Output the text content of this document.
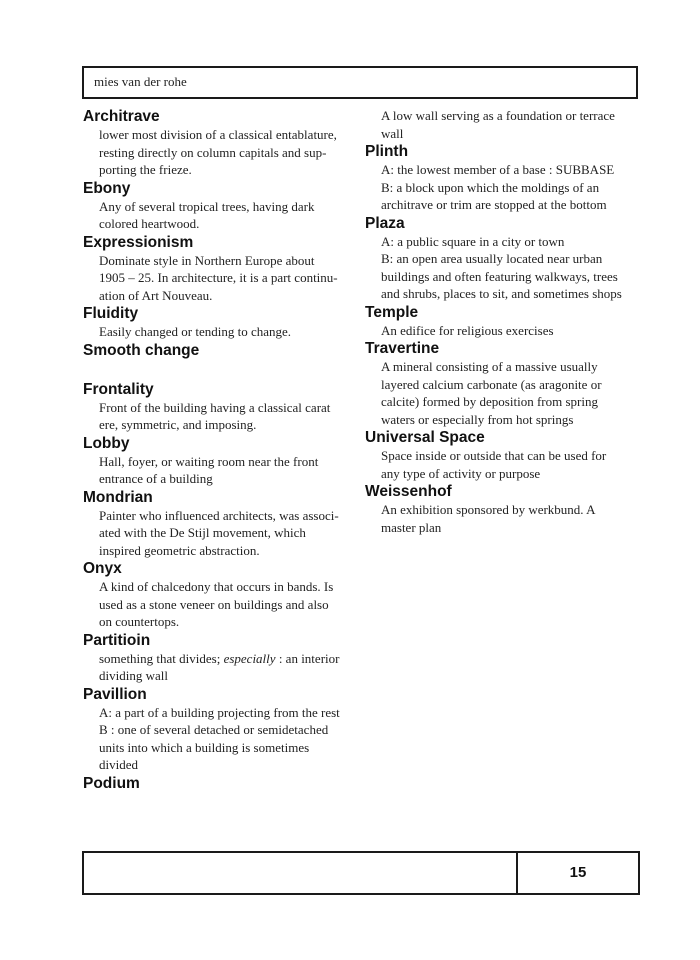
mies van der rohe

Architrave

lower most division of a classical entablature,

resting directly on column capitals and sup-

porting the frieze.

Ebony

Any of several tropical trees, having dark

colored heartwood.

Expressionism

Dominate style in Northern Europe about

1905 – 25. In architecture, it is a part continu-

ation of Art Nouveau.

Fluidity

Easily changed or tending to change.

Smooth change

Frontality

Front of the building having a classical carat

ere, symmetric, and imposing.

Lobby

Hall, foyer, or waiting room near the front

entrance of a building

Mondrian

Painter who influenced architects, was associ-

ated with the De Stijl movement, which

inspired geometric abstraction.

Onyx

A kind of chalcedony that occurs in bands. Is

used as a stone veneer on buildings and also

on countertops.

Partitioin

something that divides; especially : an interior

dividing wall

Pavillion

A: a part of a building projecting from the rest

B : one of several detached or semidetached

units into which a building is sometimes

divided

Podium

A low wall serving as a foundation or terrace

wall

Plinth

A: the lowest member of a base : SUBBASE

B: a block upon which the moldings of an

architrave or trim are stopped at the bottom

Plaza

A: a public square in a city or town

B: an open area usually located near urban

buildings and often featuring walkways, trees

and shrubs, places to sit, and sometimes shops

Temple

An edifice for religious exercises

Travertine

A mineral consisting of a massive usually

layered calcium carbonate (as aragonite or

calcite) formed by deposition from spring

waters or especially from hot springs

Universal Space

Space inside or outside that can be used for

any type of activity or purpose

Weissenhof

An exhibition sponsored by werkbund. A

master plan

15
